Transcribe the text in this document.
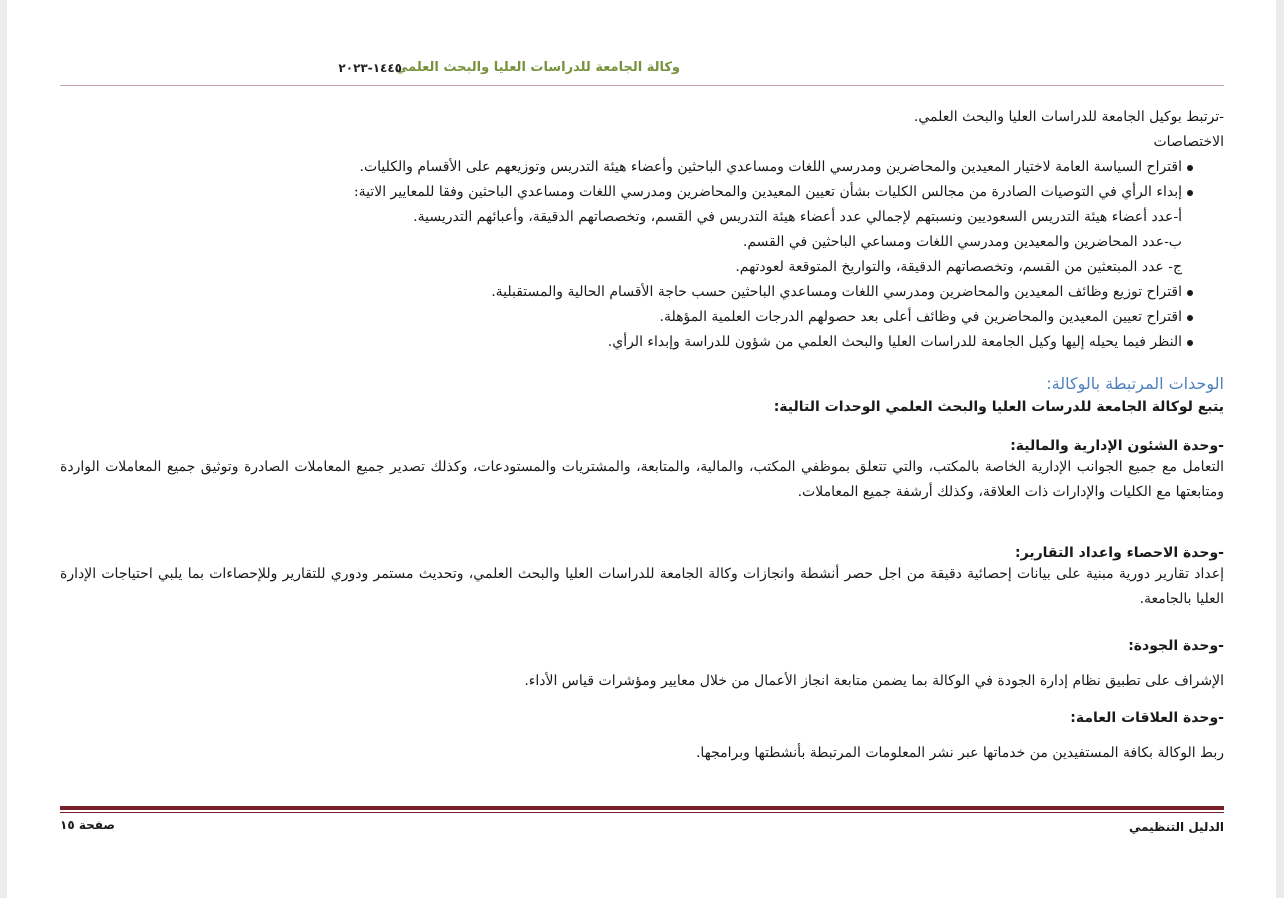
وكالة الجامعة للدراسات العليا والبحث العلمي
١٤٤٥-٢٠٢٣
-ترتبط بوكيل الجامعة للدراسات العليا والبحث العلمي.
الاختصاصات
اقتراح السياسة العامة لاختيار المعيدين والمحاضرين ومدرسي اللغات ومساعدي الباحثين وأعضاء هيئة التدريس وتوزيعهم على الأقسام والكليات.
إبداء الرأي في التوصيات الصادرة من مجالس الكليات بشأن تعيين المعيدين والمحاضرين ومدرسي اللغات ومساعدي الباحثين وفقا للمعايير الاتية:
أ-عدد أعضاء هيئة التدريس السعوديين ونسبتهم لإجمالي عدد أعضاء هيئة التدريس في القسم، وتخصصاتهم الدقيقة، وأعبائهم التدريسية.
ب-عدد المحاضرين والمعيدين ومدرسي اللغات ومساعي الباحثين في القسم.
ج- عدد المبتعثين من القسم، وتخصصاتهم الدقيقة، والتواريخ المتوقعة لعودتهم.
اقتراح توزيع وظائف المعيدين والمحاضرين ومدرسي اللغات ومساعدي الباحثين حسب حاجة الأقسام الحالية والمستقبلية.
اقتراح تعيين المعيدين والمحاضرين في وظائف أعلى بعد حصولهم الدرجات العلمية المؤهلة.
النظر فيما يحيله إليها وكيل الجامعة للدراسات العليا والبحث العلمي من شؤون للدراسة وإبداء الرأي.
الوحدات المرتبطة بالوكالة:
يتبع لوكالة الجامعة للدرسات العليا والبحث العلمي الوحدات التالية:
-وحدة الشئون الإدارية والمالية:
التعامل مع جميع الجوانب الإدارية الخاصة بالمكتب، والتي تتعلق بموظفي المكتب، والمالية، والمتابعة، والمشتريات والمستودعات، وكذلك تصدير جميع المعاملات الصادرة وتوثيق جميع المعاملات الواردة ومتابعتها مع الكليات والإدارات ذات العلاقة، وكذلك أرشفة جميع المعاملات.
-وحدة الاحصاء واعداد التقارير:
إعداد تقارير دورية مبنية على بيانات إحصائية دقيقة من اجل حصر أنشطة وانجازات وكالة الجامعة للدراسات العليا والبحث العلمي، وتحديث مستمر ودوري للتقارير وللإحصاءات بما يلبي احتياجات الإدارة العليا بالجامعة.
-وحدة الجودة:
الإشراف على تطبيق نظام إدارة الجودة في الوكالة بما يضمن متابعة انجاز الأعمال من خلال معايير ومؤشرات قياس الأداء.
-وحدة العلاقات العامة:
ربط الوكالة بكافة المستفيدين من خدماتها عبر نشر المعلومات المرتبطة بأنشطتها وبرامجها.
الدليل التنظيمي
صفحة ١٥
